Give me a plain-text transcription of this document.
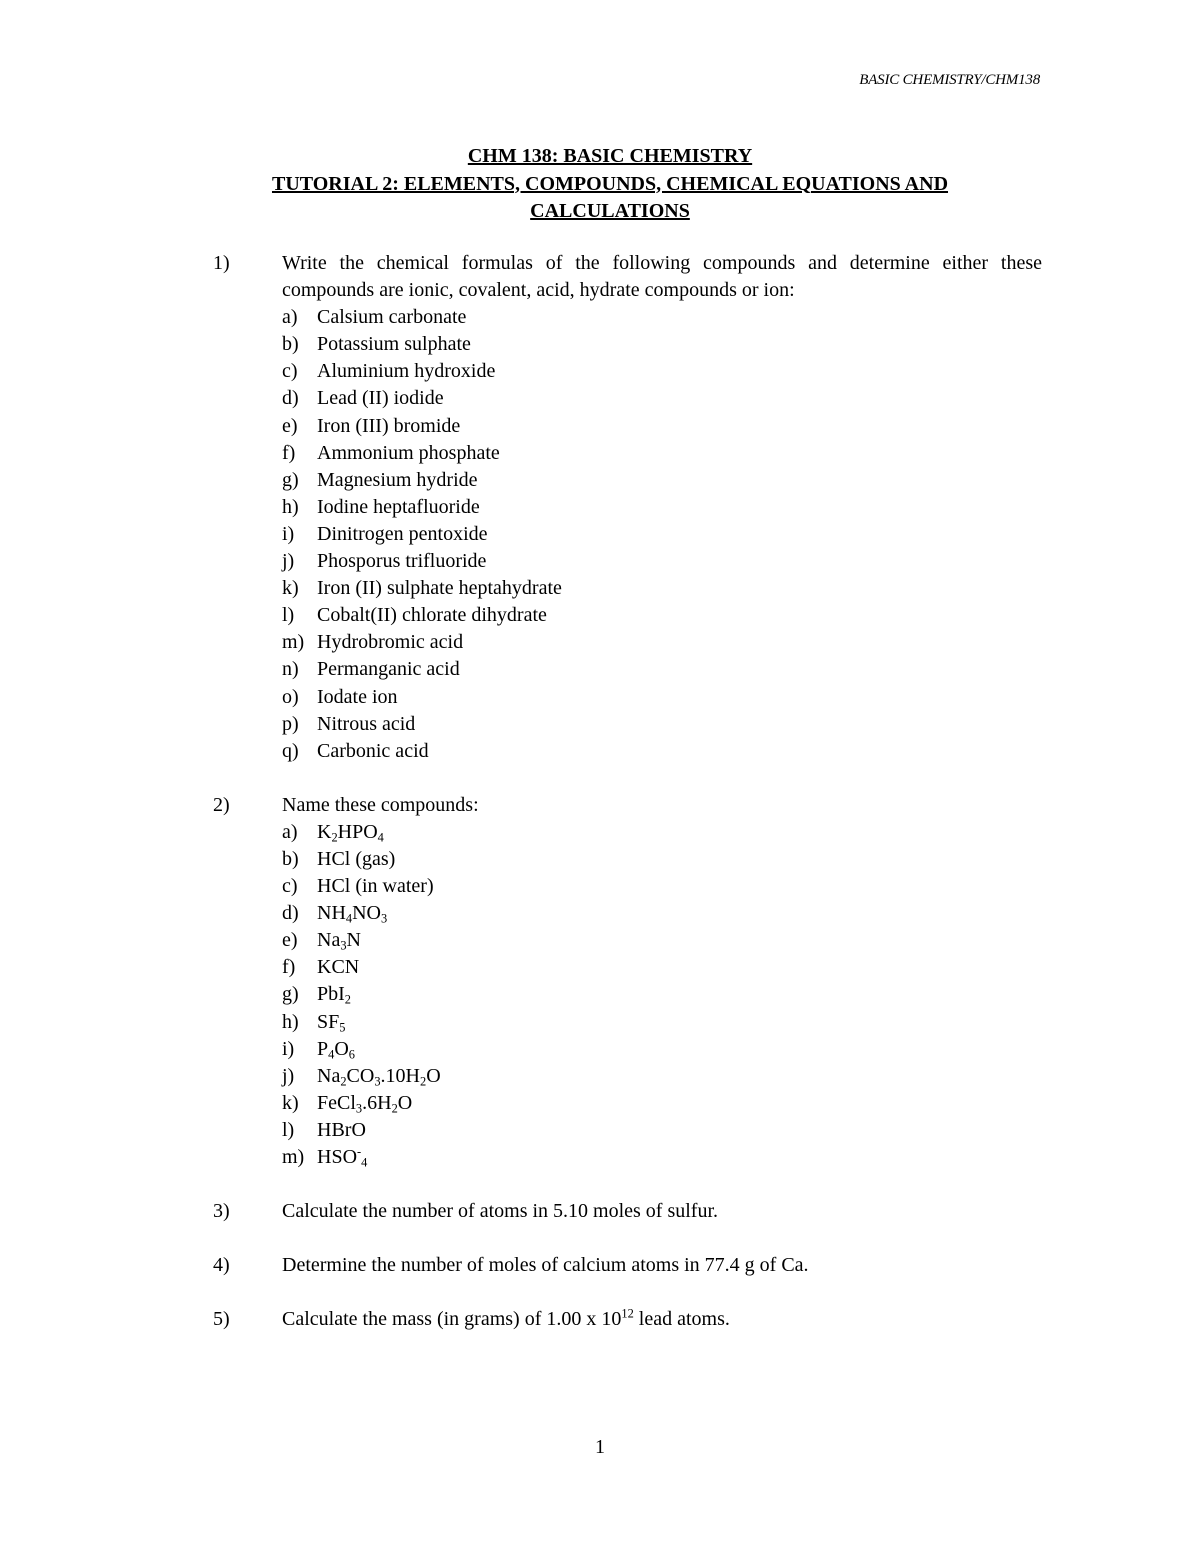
BASIC CHEMISTRY/CHM138
CHM 138: BASIC CHEMISTRY
TUTORIAL 2: ELEMENTS, COMPOUNDS, CHEMICAL EQUATIONS AND
CALCULATIONS
1)	Write the chemical formulas of the following compounds and determine either these compounds are ionic, covalent, acid, hydrate compounds or ion:
a) Calsium carbonate
b) Potassium sulphate
c) Aluminium hydroxide
d) Lead (II) iodide
e) Iron (III) bromide
f) Ammonium phosphate
g) Magnesium hydride
h) Iodine heptafluoride
i) Dinitrogen pentoxide
j) Phosporus trifluoride
k) Iron (II) sulphate heptahydrate
l) Cobalt(II) chlorate dihydrate
m) Hydrobromic acid
n) Permanganic acid
o) Iodate ion
p) Nitrous acid
q) Carbonic acid
2)	Name these compounds:
a) $K_2HPO_4$
b) HCl (gas)
c) HCl (in water)
d) $NH_4NO_3$
e) $Na_3N$
f) KCN
g) PbI$_2$
h) $SF_5$
i) $P_4O_6$
j) $Na_2CO_3.10H_2O$
k) $FeCl_3.6H_2O$
l) HBrO
m) $HSO^-_4$
3)	Calculate the number of atoms in 5.10 moles of sulfur.
4)	Determine the number of moles of calcium atoms in 77.4 g of Ca.
5)	Calculate the mass (in grams) of 1.00 x $10^{12}$ lead atoms.
1
